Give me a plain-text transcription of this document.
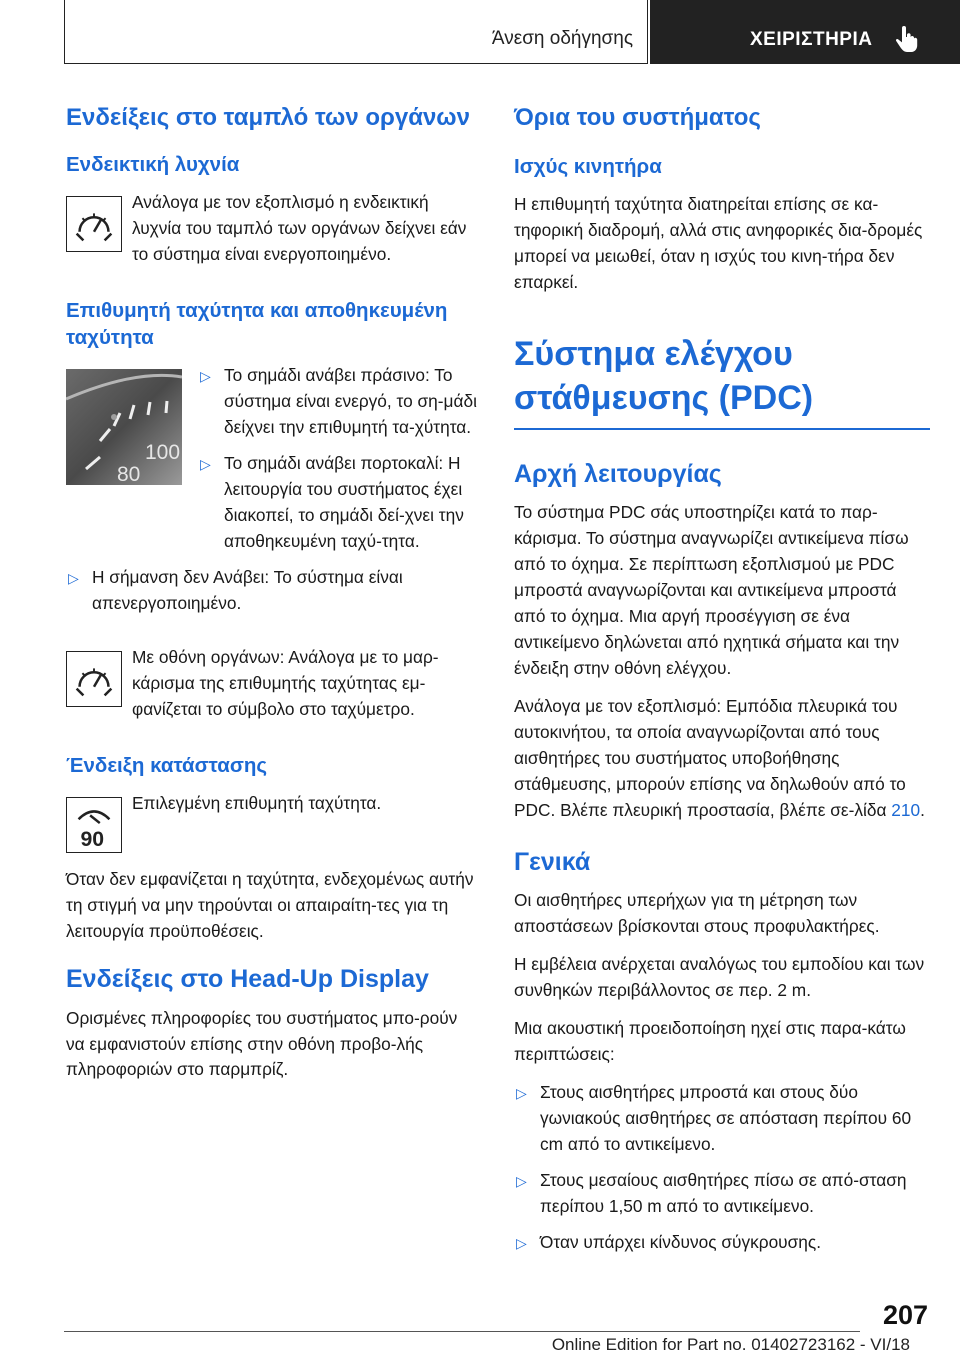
Άνεση οδήγησης	ΧΕΙΡΙΣΤΗΡΙΑ
Ενδείξεις στο ταμπλό των οργάνων
Ενδεικτική λυχνία
Ανάλογα με τον εξοπλισμό η ενδεικτική λυχνία του ταμπλό των οργάνων δείχνει εάν το σύστημα είναι ενεργοποιημένο.
Επιθυμητή ταχύτητα και αποθηκευμένη ταχύτητα
100
80
▷ Το σημάδι ανάβει πράσινο: Το σύστημα είναι ενεργό, το ση-μάδι δείχνει την επιθυμητή τα-χύτητα.
▷ Το σημάδι ανάβει πορτοκαλί: Η λειτουργία του συστήματος έχει διακοπεί, το σημάδι δεί-χνει την αποθηκευμένη ταχύ-τητα.
▷ Η σήμανση δεν Ανάβει: Το σύστημα είναι απενεργοποιημένο.
Με οθόνη οργάνων: Ανάλογα με το μαρ-κάρισμα της επιθυμητής ταχύτητας εμ-φανίζεται το σύμβολο στο ταχύμετρο.
Ένδειξη κατάστασης
90
Επιλεγμένη επιθυμητή ταχύτητα.
Όταν δεν εμφανίζεται η ταχύτητα, ενδεχομένως αυτήν τη στιγμή να μην τηρούνται οι απαιραίτη-τες για τη λειτουργία προϋποθέσεις.
Ενδείξεις στο Head-Up Display
Ορισμένες πληροφορίες του συστήματος μπο-ρούν να εμφανιστούν επίσης στην οθόνη προβο-λής πληροφοριών στο παρμπρίζ.
Όρια του συστήματος
Ισχύς κινητήρα
Η επιθυμητή ταχύτητα διατηρείται επίσης σε κα-τηφορική διαδρομή, αλλά στις ανηφορικές δια-δρομές μπορεί να μειωθεί, όταν η ισχύς του κινη-τήρα δεν επαρκεί.
Σύστημα ελέγχου στάθμευσης (PDC)
Αρχή λειτουργίας
Το σύστημα PDC σάς υποστηρίζει κατά το παρ-κάρισμα. Το σύστημα αναγνωρίζει αντικείμενα πίσω από το όχημα. Σε περίπτωση εξοπλισμού με PDC μπροστά αναγνωρίζονται και αντικείμενα μπροστά από το όχημα. Μια αργή προσέγγιση σε ένα αντικείμενο δηλώνεται από ηχητικά σήματα και την ένδειξη στην οθόνη ελέγχου.
Ανάλογα με τον εξοπλισμό: Εμπόδια πλευρικά του αυτοκινήτου, τα οποία αναγνωρίζονται από τους αισθητήρες του συστήματος υποβοήθησης στάθμευσης, μπορούν επίσης να δηλωθούν από το PDC. Βλέπε πλευρική προστασία, βλέπε σε-λίδα 210.
Γενικά
Οι αισθητήρες υπερήχων για τη μέτρηση των αποστάσεων βρίσκονται στους προφυλακτήρες.
Η εμβέλεια ανέρχεται αναλόγως του εμποδίου και των συνθηκών περιβάλλοντος σε περ. 2 m.
Μια ακουστική προειδοποίηση ηχεί στις παρα-κάτω περιπτώσεις:
▷ Στους αισθητήρες μπροστά και στους δύο γωνιακούς αισθητήρες σε απόσταση περίπου 60 cm από το αντικείμενο.
▷ Στους μεσαίους αισθητήρες πίσω σε από-σταση περίπου 1,50 m από το αντικείμενο.
▷ Όταν υπάρχει κίνδυνος σύγκρουσης.
207
Online Edition for Part no. 01402723162 - VI/18
